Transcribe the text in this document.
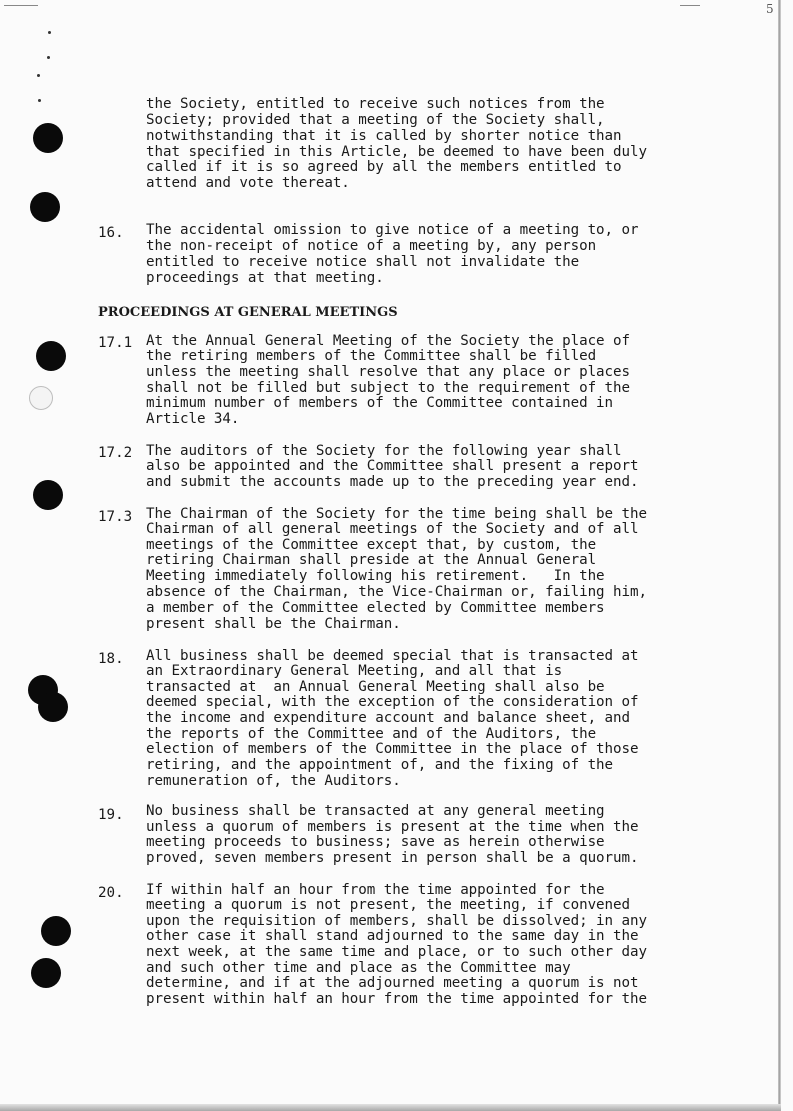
5

the Society, entitled to receive such notices from the

Society; provided that a meeting of the Society shall,

notwithstanding that it is called by shorter notice than

that specified in this Article, be deemed to have been duly

called if it is so agreed by all the members entitled to

attend and vote thereat.

16. The accidental omission to give notice of a meeting to, or

the non-receipt of notice of a meeting by, any person

entitled to receive notice shall not invalidate the

proceedings at that meeting.

PROCEEDINGS AT GENERAL MEETINGS

17.1 At the Annual General Meeting of the Society the place of

the retiring members of the Committee shall be filled

unless the meeting shall resolve that any place or places

shall not be filled but subject to the requirement of the

minimum number of members of the Committee contained in

Article 34.

17.2 The auditors of the Society for the following year shall

also be appointed and the Committee shall present a report

and submit the accounts made up to the preceding year end.

17.3 The Chairman of the Society for the time being shall be the

Chairman of all general meetings of the Society and of all

meetings of the Committee except that, by custom, the

retiring Chairman shall preside at the Annual General

Meeting immediately following his retirement.   In the

absence of the Chairman, the Vice-Chairman or, failing him,

a member of the Committee elected by Committee members

present shall be the Chairman.

18. All business shall be deemed special that is transacted at

an Extraordinary General Meeting, and all that is

transacted at  an Annual General Meeting shall also be

deemed special, with the exception of the consideration of

the income and expenditure account and balance sheet, and

the reports of the Committee and of the Auditors, the

election of members of the Committee in the place of those

retiring, and the appointment of, and the fixing of the

remuneration of, the Auditors.

19. No business shall be transacted at any general meeting

unless a quorum of members is present at the time when the

meeting proceeds to business; save as herein otherwise

proved, seven members present in person shall be a quorum.

20. If within half an hour from the time appointed for the

meeting a quorum is not present, the meeting, if convened

upon the requisition of members, shall be dissolved; in any

other case it shall stand adjourned to the same day in the

next week, at the same time and place, or to such other day

and such other time and place as the Committee may

determine, and if at the adjourned meeting a quorum is not

present within half an hour from the time appointed for the
